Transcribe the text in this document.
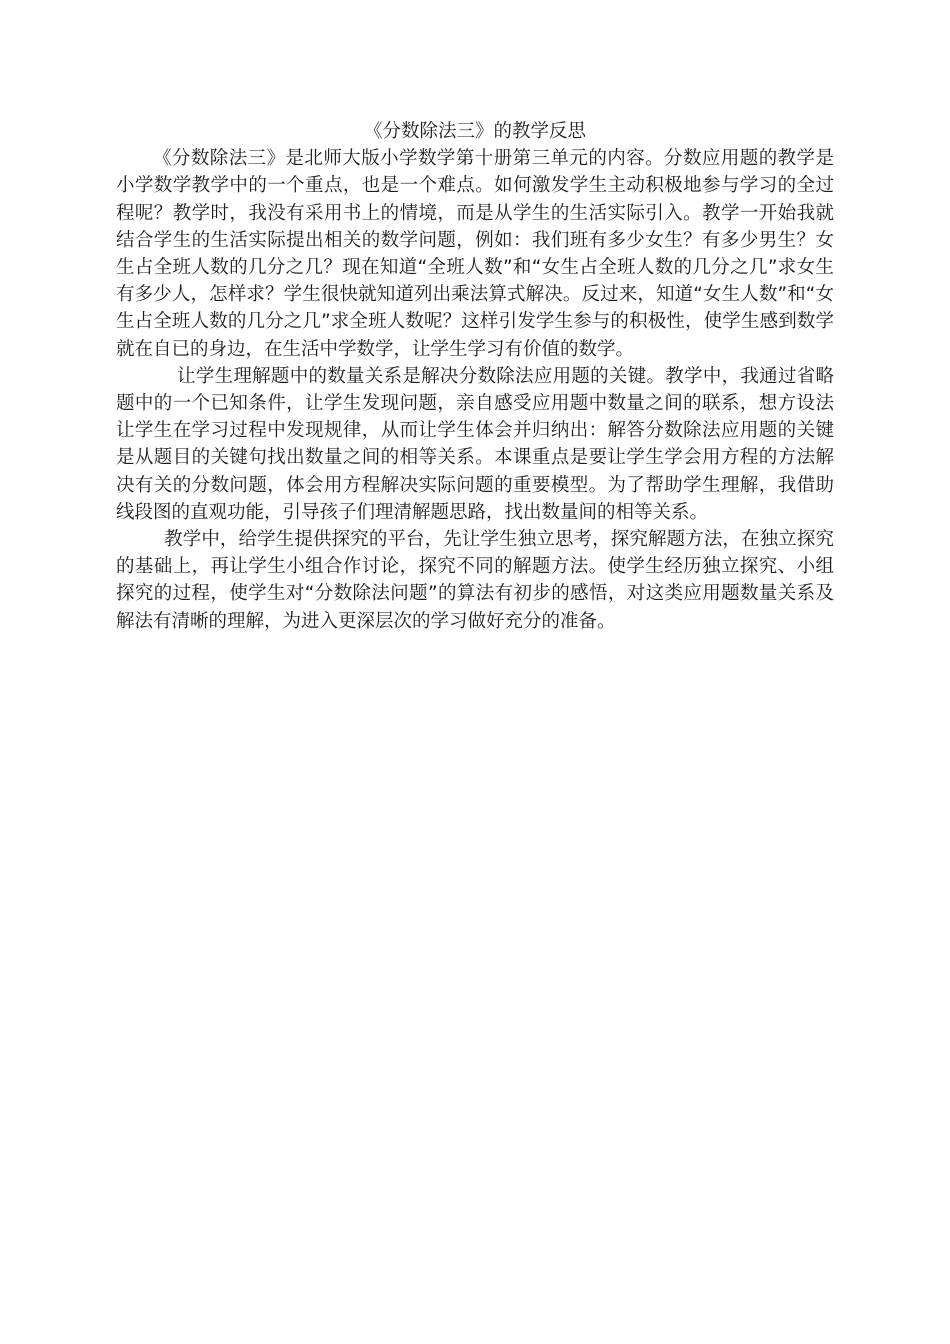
《分数除法三》的教学反思

《分数除法三》是北师大版小学数学第十册第三单元的内容。分数应用题的教学是小学数学教学中的一个重点，也是一个难点。如何激发学生主动积极地参与学习的全过程呢？教学时，我没有采用书上的情境，而是从学生的生活实际引入。教学一开始我就结合学生的生活实际提出相关的数学问题，例如：我们班有多少女生？有多少男生？女生占全班人数的几分之几？现在知道“全班人数”和“女生占全班人数的几分之几”求女生有多少人，怎样求？学生很快就知道列出乘法算式解决。反过来，知道“女生人数”和“女生占全班人数的几分之几”求全班人数呢？这样引发学生参与的积极性，使学生感到数学就在自已的身边，在生活中学数学，让学生学习有价值的数学。

让学生理解题中的数量关系是解决分数除法应用题的关键。教学中，我通过省略题中的一个已知条件，让学生发现问题，亲自感受应用题中数量之间的联系，想方设法让学生在学习过程中发现规律，从而让学生体会并归纳出：解答分数除法应用题的关键是从题目的关键句找出数量之间的相等关系。本课重点是要让学生学会用方程的方法解决有关的分数问题，体会用方程解决实际问题的重要模型。为了帮助学生理解，我借助线段图的直观功能，引导孩子们理清解题思路，找出数量间的相等关系。

教学中，给学生提供探究的平台，先让学生独立思考，探究解题方法，在独立探究的基础上，再让学生小组合作讨论，探究不同的解题方法。使学生经历独立探究、小组探究的过程，使学生对“分数除法问题”的算法有初步的感悟，对这类应用题数量关系及解法有清晰的理解，为进入更深层次的学习做好充分的准备。
